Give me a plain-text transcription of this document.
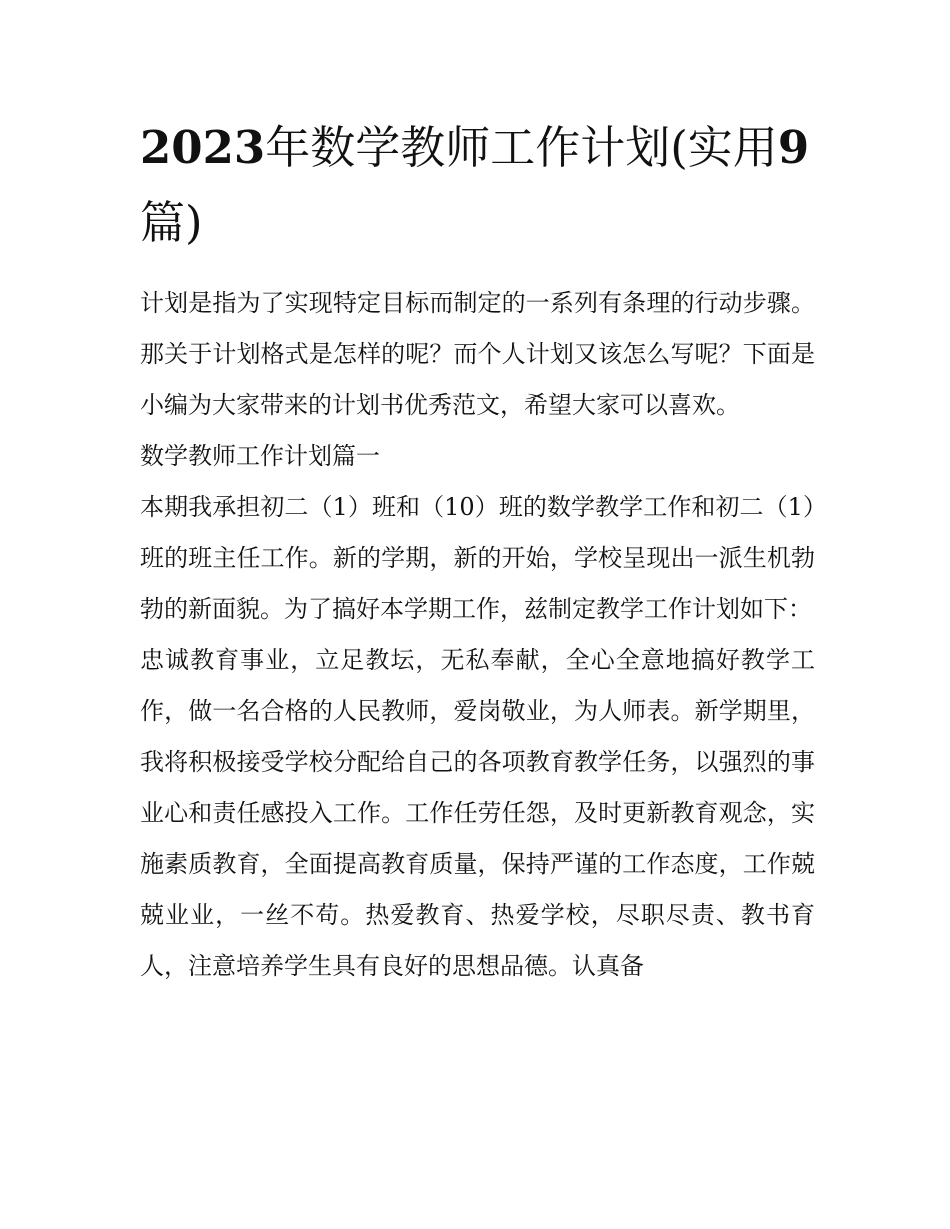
2023年数学教师工作计划(实用9篇)

计划是指为了实现特定目标而制定的一系列有条理的行动步骤。那关于计划格式是怎样的呢？而个人计划又该怎么写呢？下面是小编为大家带来的计划书优秀范文，希望大家可以喜欢。

数学教师工作计划篇一

本期我承担初二（1）班和（10）班的数学教学工作和初二（1）班的班主任工作。新的学期，新的开始，学校呈现出一派生机勃勃的新面貌。为了搞好本学期工作，兹制定教学工作计划如下：

忠诚教育事业，立足教坛，无私奉献，全心全意地搞好教学工作，做一名合格的人民教师，爱岗敬业，为人师表。新学期里，我将积极接受学校分配给自己的各项教育教学任务，以强烈的事业心和责任感投入工作。工作任劳任怨，及时更新教育观念，实施素质教育，全面提高教育质量，保持严谨的工作态度，工作兢兢业业，一丝不苟。热爱教育、热爱学校，尽职尽责、教书育人，注意培养学生具有良好的思想品德。认真备
